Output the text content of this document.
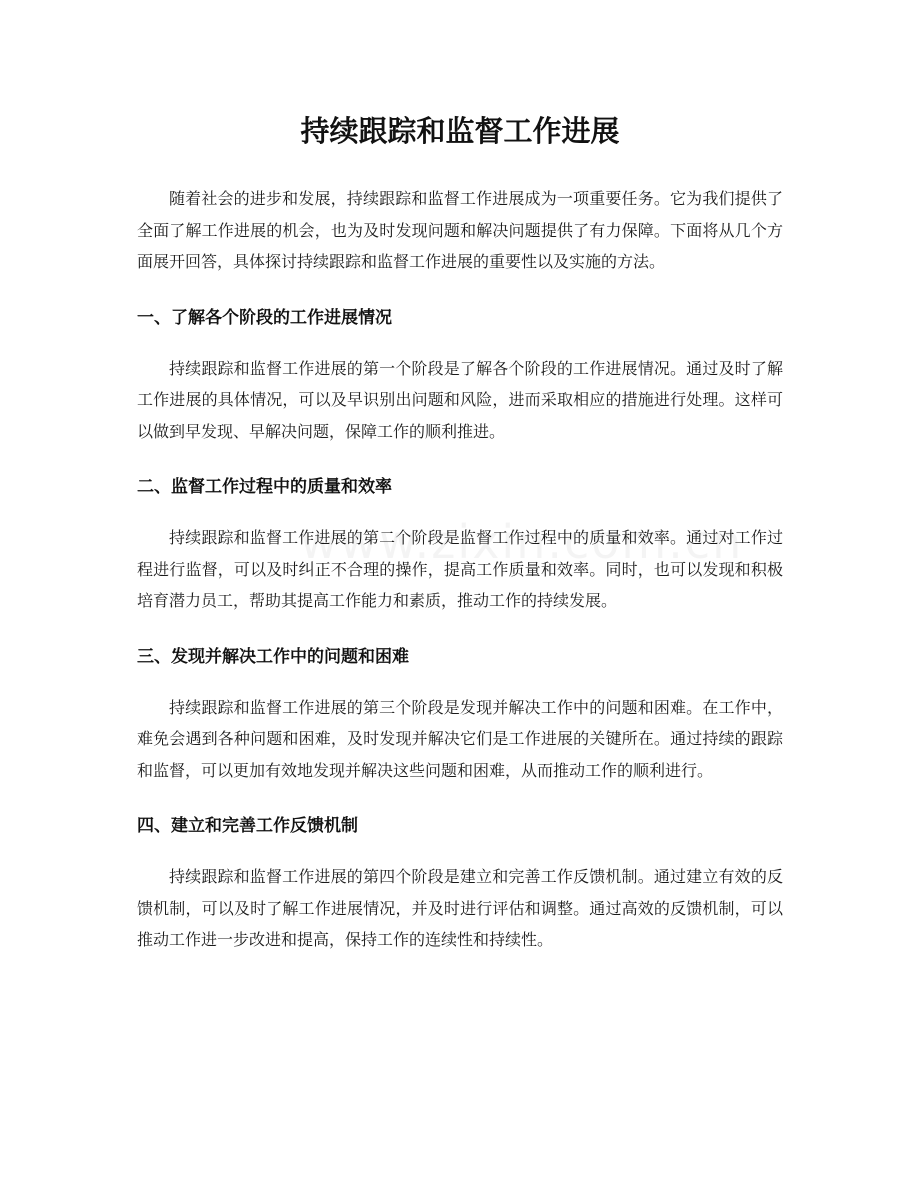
持续跟踪和监督工作进展

随着社会的进步和发展，持续跟踪和监督工作进展成为一项重要任务。它为我们提供了全面了解工作进展的机会，也为及时发现问题和解决问题提供了有力保障。下面将从几个方面展开回答，具体探讨持续跟踪和监督工作进展的重要性以及实施的方法。

一、了解各个阶段的工作进展情况

持续跟踪和监督工作进展的第一个阶段是了解各个阶段的工作进展情况。通过及时了解工作进展的具体情况，可以及早识别出问题和风险，进而采取相应的措施进行处理。这样可以做到早发现、早解决问题，保障工作的顺利推进。

二、监督工作过程中的质量和效率

持续跟踪和监督工作进展的第二个阶段是监督工作过程中的质量和效率。通过对工作过程进行监督，可以及时纠正不合理的操作，提高工作质量和效率。同时，也可以发现和积极培育潜力员工，帮助其提高工作能力和素质，推动工作的持续发展。

三、发现并解决工作中的问题和困难

持续跟踪和监督工作进展的第三个阶段是发现并解决工作中的问题和困难。在工作中，难免会遇到各种问题和困难，及时发现并解决它们是工作进展的关键所在。通过持续的跟踪和监督，可以更加有效地发现并解决这些问题和困难，从而推动工作的顺利进行。

四、建立和完善工作反馈机制

持续跟踪和监督工作进展的第四个阶段是建立和完善工作反馈机制。通过建立有效的反馈机制，可以及时了解工作进展情况，并及时进行评估和调整。通过高效的反馈机制，可以推动工作进一步改进和提高，保持工作的连续性和持续性。
